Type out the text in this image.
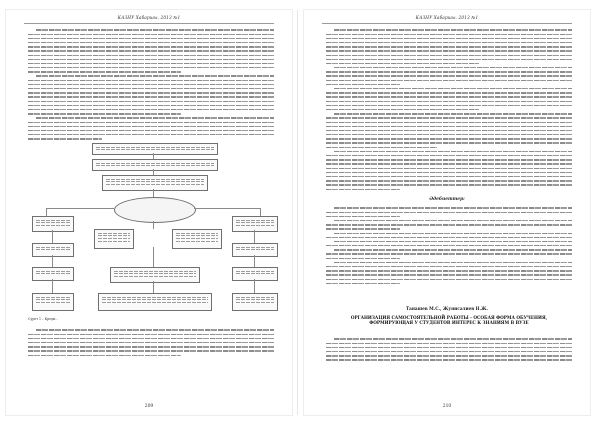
КАЗНУ Хабаршы. 2013 №1
Сурет 1 – Креди...
209
КАЗНУ Хабаршы. 2013 №1
Әдебиеттер:
Танашев М.С., Жунисалиев Н.Ж.
ОРГАНИЗАЦИЯ САМОСТОЯТЕЛЬНОЙ РАБОТЫ - ОСОБАЯ ФОРМА ОБУЧЕНИЯ, ФОРМИРУЮЩАЯ У СТУДЕНТОВ ИНТЕРЕС К ЗНАНИЯМ В ВУЗЕ
210
